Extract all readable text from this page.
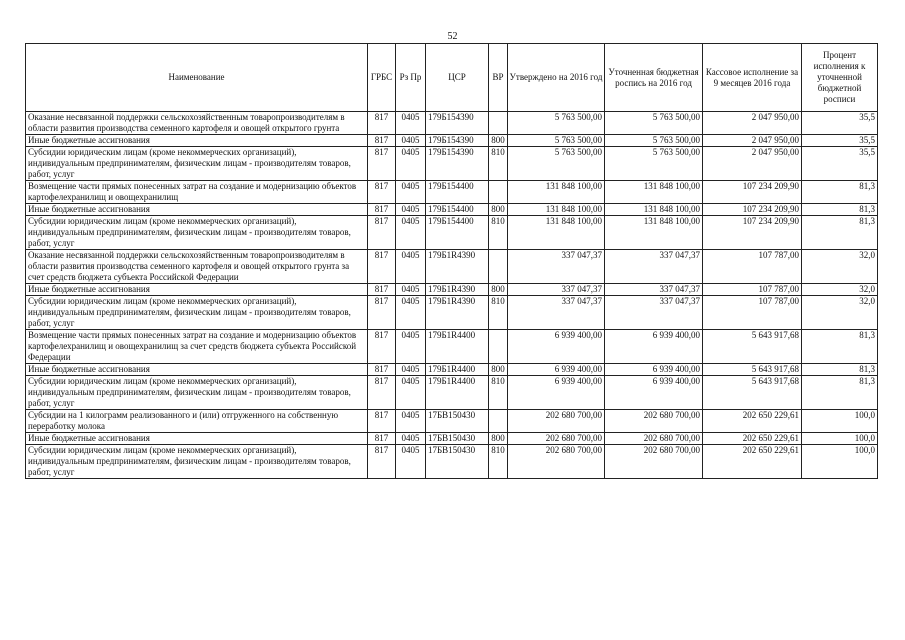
52
Наименование	ГРБС	Рз Пр	ЦСР	ВР	Утверждено на 2016 год	Уточненная бюджетная роспись на 2016 год	Кассовое исполнение за 9 месяцев 2016 года	Процент исполнения к уточненной бюджетной росписи
Оказание несвязанной поддержки сельскохозяйственным товаропроизводителям в области развития производства семенного картофеля и овощей открытого грунта	817	0405	179Б154390		5 763 500,00	5 763 500,00	2 047 950,00	35,5
Иные бюджетные ассигнования	817	0405	179Б154390	800	5 763 500,00	5 763 500,00	2 047 950,00	35,5
Субсидии юридическим лицам (кроме некоммерческих организаций), индивидуальным предпринимателям, физическим лицам - производителям товаров, работ, услуг	817	0405	179Б154390	810	5 763 500,00	5 763 500,00	2 047 950,00	35,5
Возмещение части прямых понесенных затрат на создание и модернизацию объектов картофелехранилищ и овощехранилищ	817	0405	179Б154400		131 848 100,00	131 848 100,00	107 234 209,90	81,3
Иные бюджетные ассигнования	817	0405	179Б154400	800	131 848 100,00	131 848 100,00	107 234 209,90	81,3
Субсидии юридическим лицам (кроме некоммерческих организаций), индивидуальным предпринимателям, физическим лицам - производителям товаров, работ, услуг	817	0405	179Б154400	810	131 848 100,00	131 848 100,00	107 234 209,90	81,3
Оказание несвязанной поддержки сельскохозяйственным товаропроизводителям в области развития производства семенного картофеля и овощей открытого грунта за счет средств бюджета субъекта Российской Федерации	817	0405	179Б1R4390		337 047,37	337 047,37	107 787,00	32,0
Иные бюджетные ассигнования	817	0405	179Б1R4390	800	337 047,37	337 047,37	107 787,00	32,0
Субсидии юридическим лицам (кроме некоммерческих организаций), индивидуальным предпринимателям, физическим лицам - производителям товаров, работ, услуг	817	0405	179Б1R4390	810	337 047,37	337 047,37	107 787,00	32,0
Возмещение части прямых понесенных затрат на создание и модернизацию объектов картофелехранилищ и овощехранилищ за счет средств бюджета субъекта Российской Федерации	817	0405	179Б1R4400		6 939 400,00	6 939 400,00	5 643 917,68	81,3
Иные бюджетные ассигнования	817	0405	179Б1R4400	800	6 939 400,00	6 939 400,00	5 643 917,68	81,3
Субсидии юридическим лицам (кроме некоммерческих организаций), индивидуальным предпринимателям, физическим лицам - производителям товаров, работ, услуг	817	0405	179Б1R4400	810	6 939 400,00	6 939 400,00	5 643 917,68	81,3
Субсидии на 1 килограмм реализованного и (или) отгруженного на собственную переработку молока	817	0405	17БВ150430		202 680 700,00	202 680 700,00	202 650 229,61	100,0
Иные бюджетные ассигнования	817	0405	17БВ150430	800	202 680 700,00	202 680 700,00	202 650 229,61	100,0
Субсидии юридическим лицам (кроме некоммерческих организаций), индивидуальным предпринимателям, физическим лицам - производителям товаров, работ, услуг	817	0405	17БВ150430	810	202 680 700,00	202 680 700,00	202 650 229,61	100,0
